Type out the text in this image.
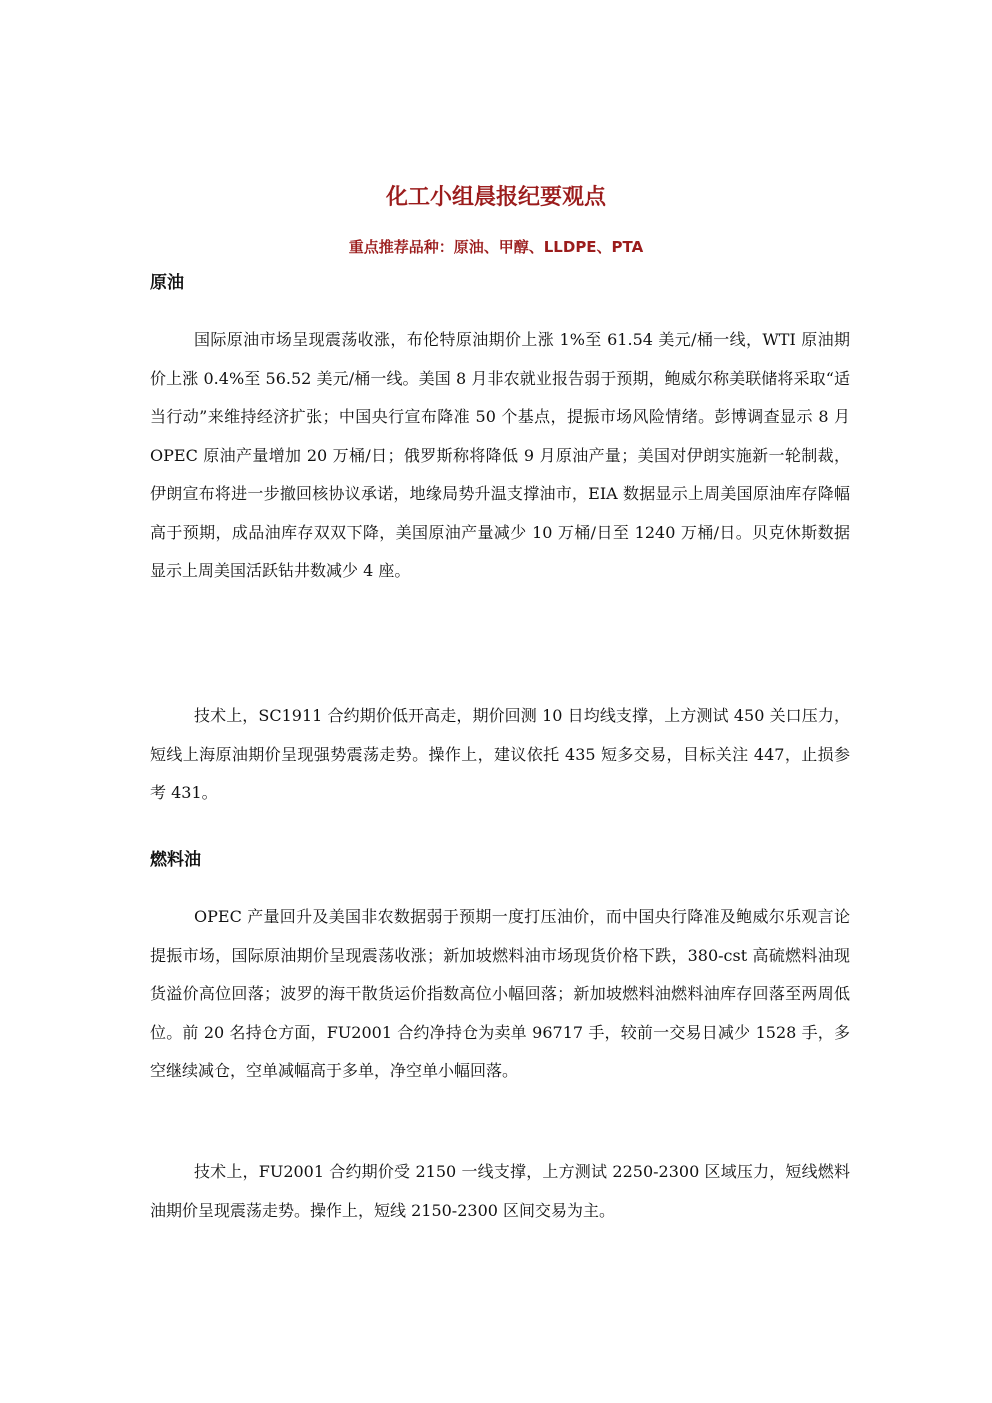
化工小组晨报纪要观点
重点推荐品种：原油、甲醇、LLDPE、PTA
原油

国际原油市场呈现震荡收涨，布伦特原油期价上涨 1%至 61.54 美元/桶一线，WTI 原油期价上涨 0.4%至 56.52 美元/桶一线。美国 8 月非农就业报告弱于预期，鲍威尔称美联储将采取“适当行动”来维持经济扩张；中国央行宣布降准 50 个基点，提振市场风险情绪。彭博调查显示 8 月 OPEC 原油产量增加 20 万桶/日；俄罗斯称将降低 9 月原油产量；美国对伊朗实施新一轮制裁，伊朗宣布将进一步撤回核协议承诺，地缘局势升温支撑油市，EIA 数据显示上周美国原油库存降幅高于预期，成品油库存双双下降，美国原油产量减少 10 万桶/日至 1240 万桶/日。贝克休斯数据显示上周美国活跃钻井数减少 4 座。

技术上，SC1911 合约期价低开高走，期价回测 10 日均线支撑，上方测试 450 关口压力，短线上海原油期价呈现强势震荡走势。操作上，建议依托 435 短多交易，目标关注 447，止损参考 431。

燃料油

OPEC 产量回升及美国非农数据弱于预期一度打压油价，而中国央行降准及鲍威尔乐观言论提振市场，国际原油期价呈现震荡收涨；新加坡燃料油市场现货价格下跌，380-cst 高硫燃料油现货溢价高位回落；波罗的海干散货运价指数高位小幅回落；新加坡燃料油燃料油库存回落至两周低位。前 20 名持仓方面，FU2001 合约净持仓为卖单 96717 手，较前一交易日减少 1528 手，多空继续减仓，空单减幅高于多单，净空单小幅回落。

技术上，FU2001 合约期价受 2150 一线支撑，上方测试 2250-2300 区域压力，短线燃料油期价呈现震荡走势。操作上，短线 2150-2300 区间交易为主。
